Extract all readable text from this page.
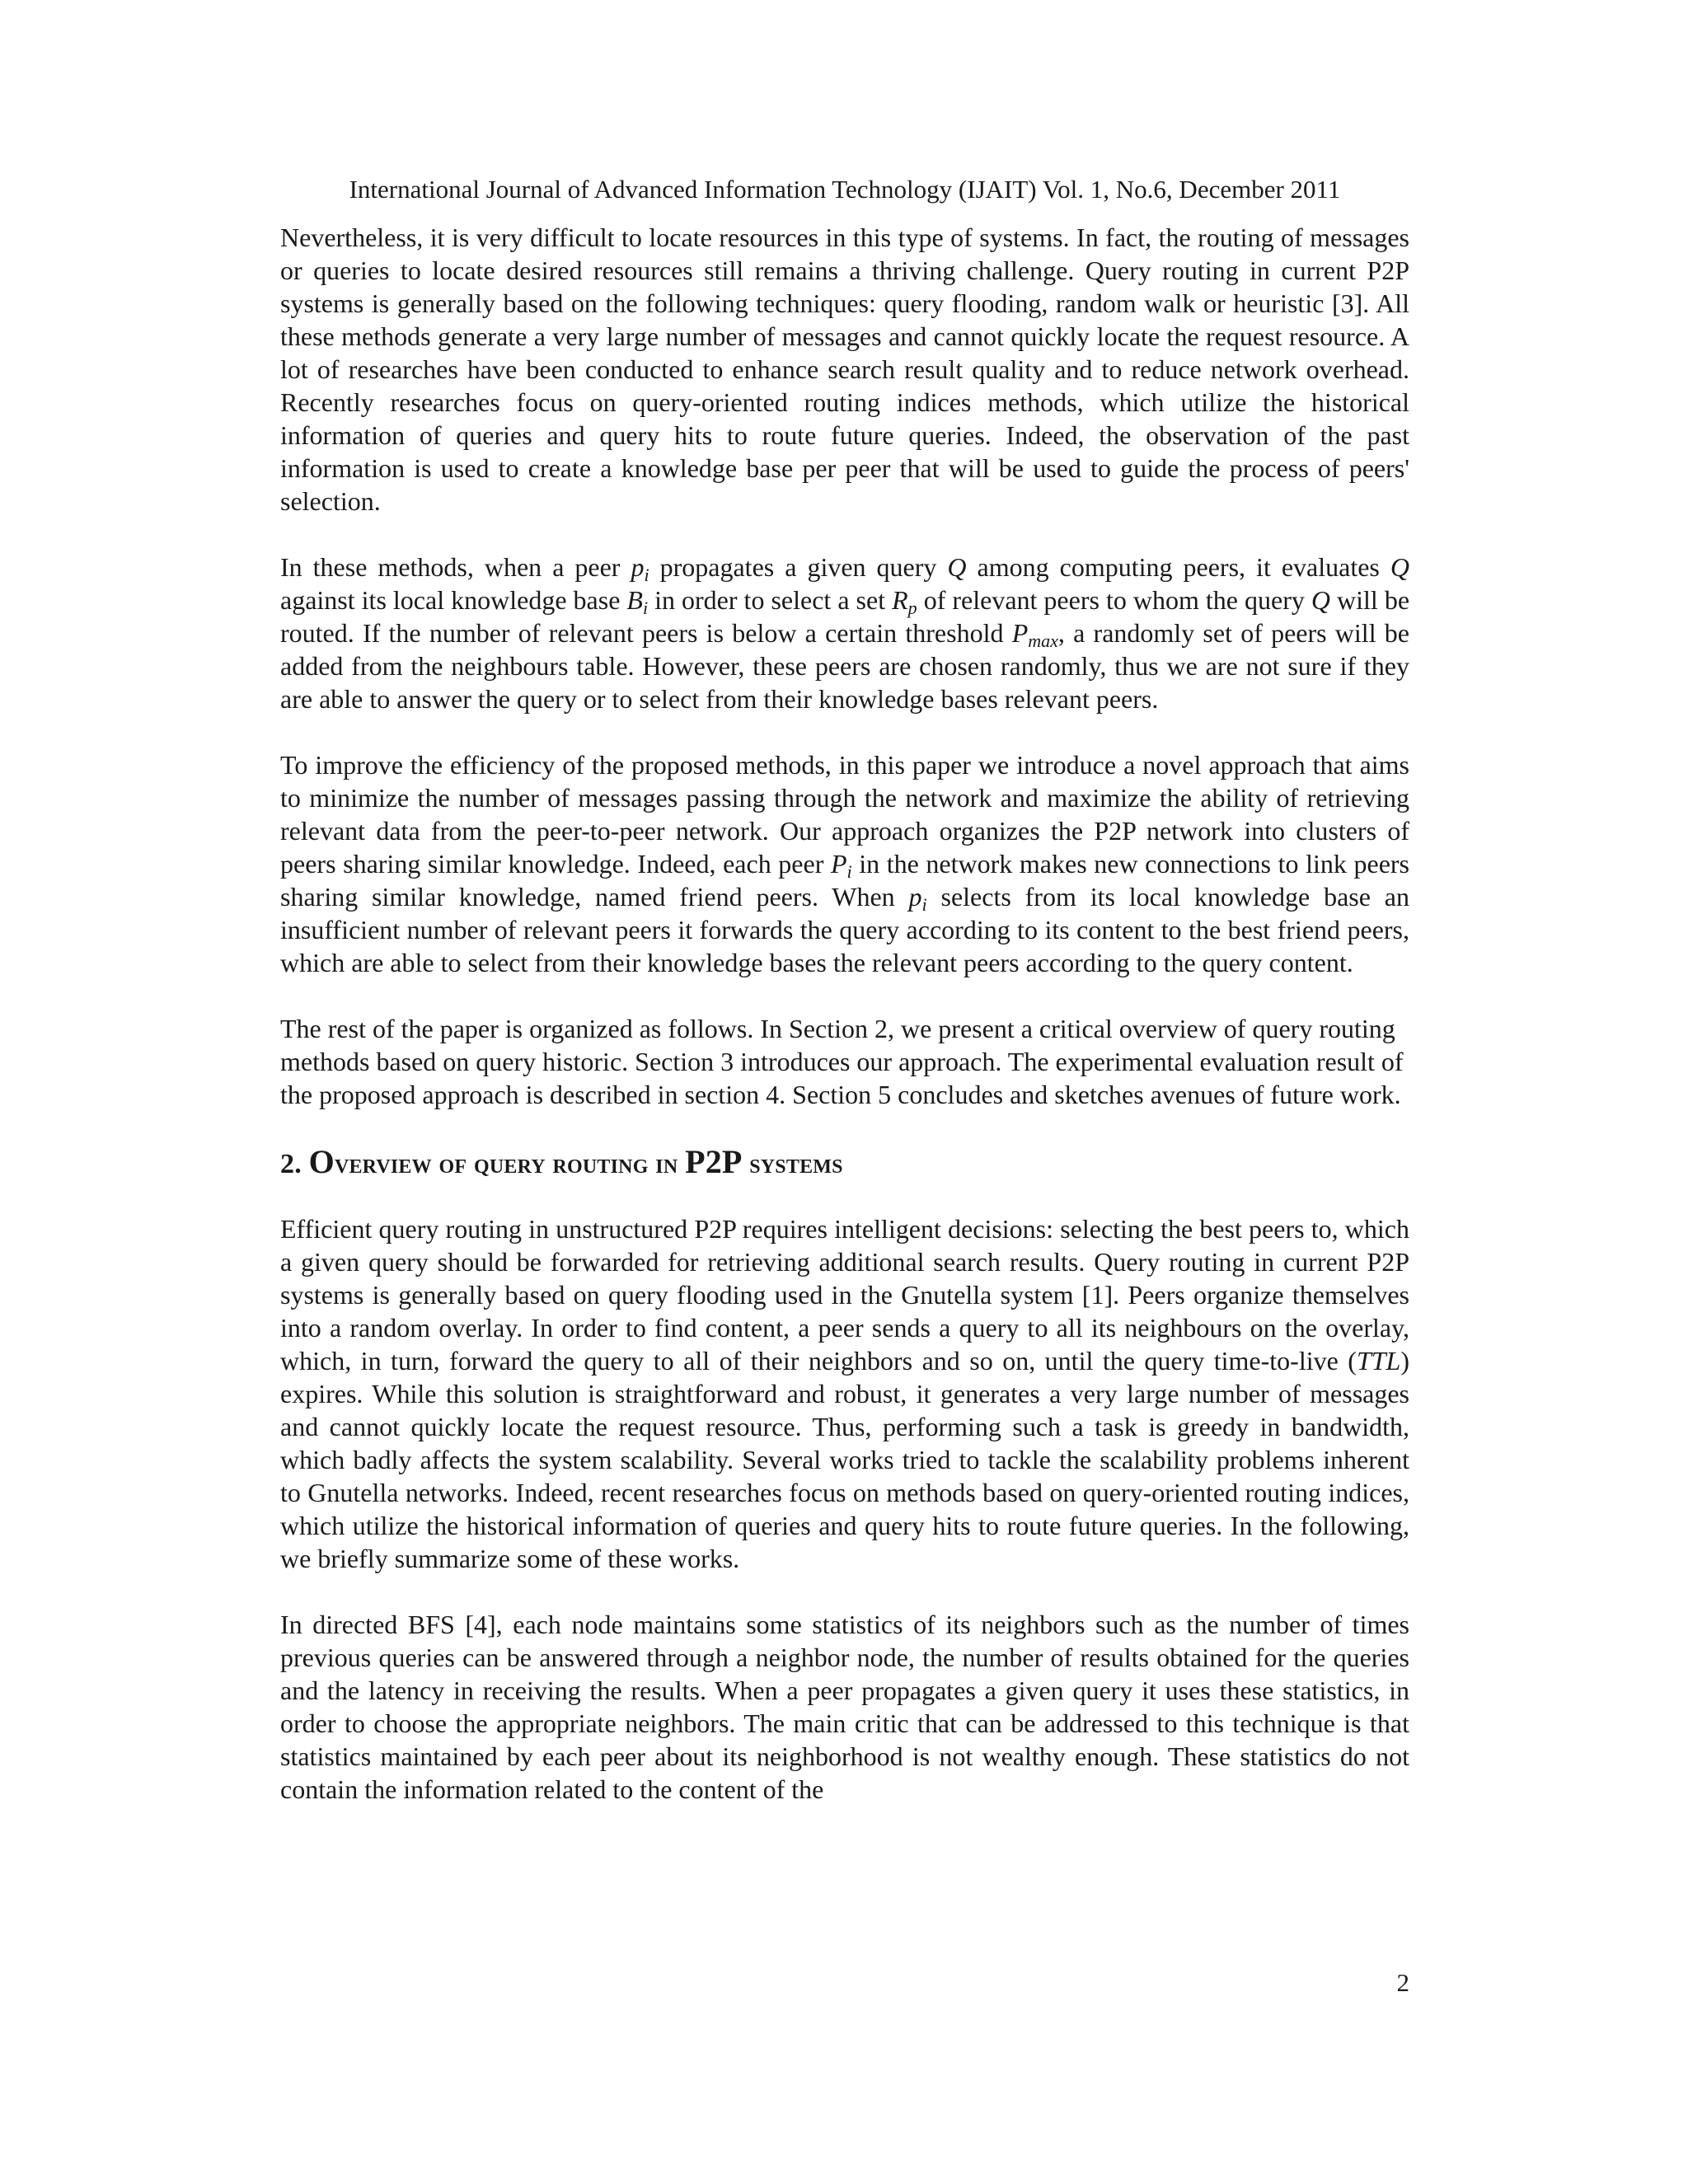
International Journal of Advanced Information Technology (IJAIT) Vol. 1, No.6, December 2011

Nevertheless, it is very difficult to locate resources in this type of systems. In fact, the routing of messages or queries to locate desired resources still remains a thriving challenge. Query routing in current P2P systems is generally based on the following techniques: query flooding, random walk or heuristic [3]. All these methods generate a very large number of messages and cannot quickly locate the request resource. A lot of researches have been conducted to enhance search result quality and to reduce network overhead. Recently researches focus on query-oriented routing indices methods, which utilize the historical information of queries and query hits to route future queries. Indeed, the observation of the past information is used to create a knowledge base per peer that will be used to guide the process of peers' selection.

In these methods, when a peer $p_i$ propagates a given query Q among computing peers, it evaluates Q against its local knowledge base $B_i$ in order to select a set $R_p$ of relevant peers to whom the query Q will be routed. If the number of relevant peers is below a certain threshold $P_{max}$, a randomly set of peers will be added from the neighbours table. However, these peers are chosen randomly, thus we are not sure if they are able to answer the query or to select from their knowledge bases relevant peers.

To improve the efficiency of the proposed methods, in this paper we introduce a novel approach that aims to minimize the number of messages passing through the network and maximize the ability of retrieving relevant data from the peer-to-peer network. Our approach organizes the P2P network into clusters of peers sharing similar knowledge. Indeed, each peer $P_i$ in the network makes new connections to link peers sharing similar knowledge, named friend peers. When $p_i$ selects from its local knowledge base an insufficient number of relevant peers it forwards the query according to its content to the best friend peers, which are able to select from their knowledge bases the relevant peers according to the query content.

The rest of the paper is organized as follows. In Section 2, we present a critical overview of query routing methods based on query historic. Section 3 introduces our approach. The experimental evaluation result of the proposed approach is described in section 4. Section 5 concludes and sketches avenues of future work.

2. Overview of query routing in P2P systems

Efficient query routing in unstructured P2P requires intelligent decisions: selecting the best peers to, which a given query should be forwarded for retrieving additional search results. Query routing in current P2P systems is generally based on query flooding used in the Gnutella system [1]. Peers organize themselves into a random overlay. In order to find content, a peer sends a query to all its neighbours on the overlay, which, in turn, forward the query to all of their neighbors and so on, until the query time-to-live (TTL) expires. While this solution is straightforward and robust, it generates a very large number of messages and cannot quickly locate the request resource. Thus, performing such a task is greedy in bandwidth, which badly affects the system scalability. Several works tried to tackle the scalability problems inherent to Gnutella networks. Indeed, recent researches focus on methods based on query-oriented routing indices, which utilize the historical information of queries and query hits to route future queries. In the following, we briefly summarize some of these works.

In directed BFS [4], each node maintains some statistics of its neighbors such as the number of times previous queries can be answered through a neighbor node, the number of results obtained for the queries and the latency in receiving the results. When a peer propagates a given query it uses these statistics, in order to choose the appropriate neighbors. The main critic that can be addressed to this technique is that statistics maintained by each peer about its neighborhood is not wealthy enough. These statistics do not contain the information related to the content of the

2
